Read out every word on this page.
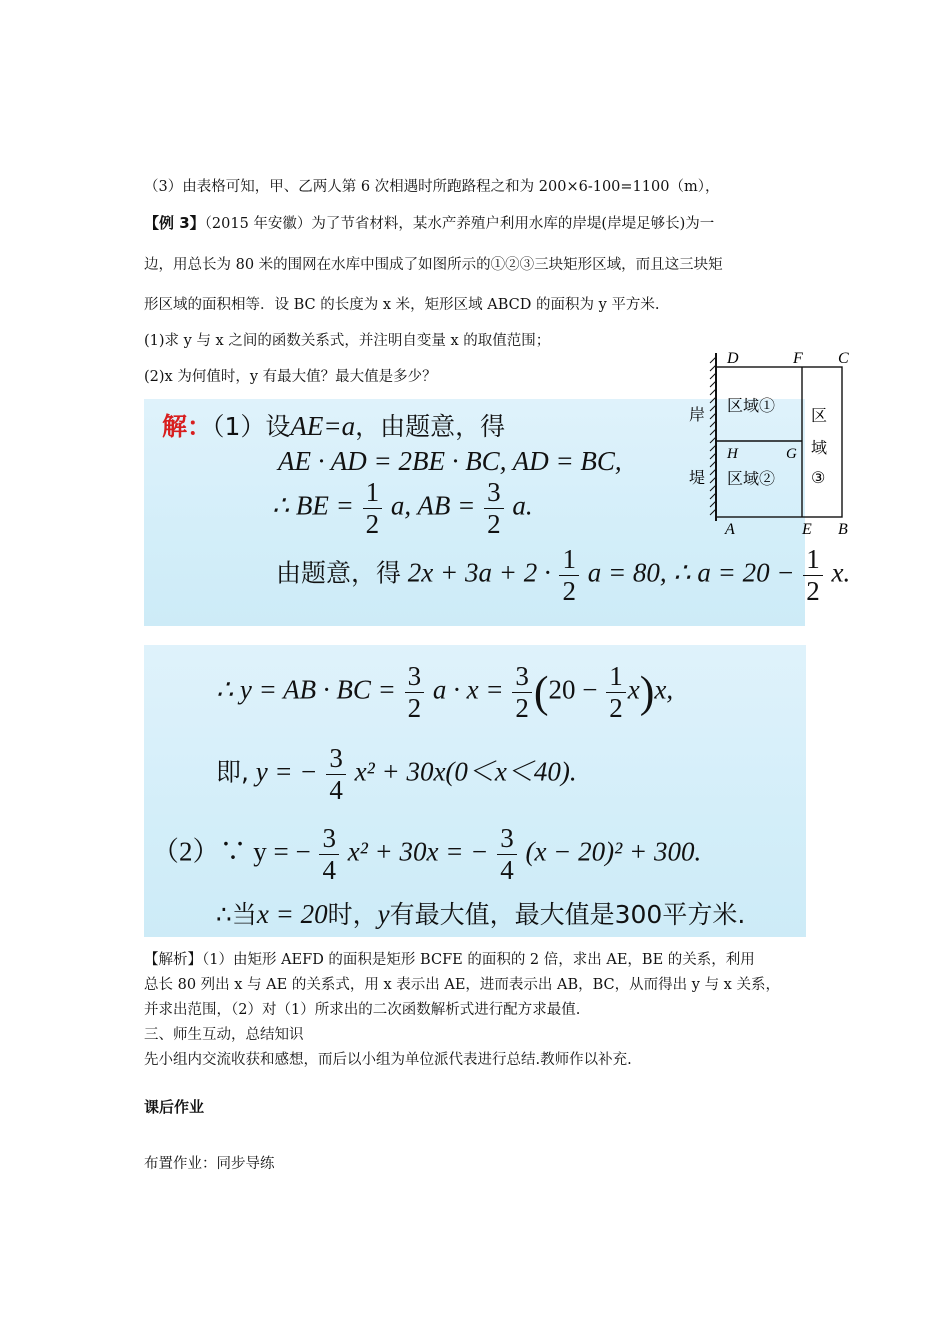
（3）由表格可知，甲、乙两人第 6 次相遇时所跑路程之和为 200×6-100=1100（m），
【例 3】（2015 年安徽）为了节省材料，某水产养殖户利用水库的岸堤(岸堤足够长)为一
边，用总长为 80 米的围网在水库中围成了如图所示的①②③三块矩形区域，而且这三块矩
形区域的面积相等．设 BC 的长度为 x 米，矩形区域 ABCD 的面积为 y 平方米.
(1)求 y 与 x 之间的函数关系式，并注明自变量 x 的取值范围；
(2)x 为何值时，y 有最大值？最大值是多少？
解：（1）设AE=a，由题意，得
AE · AD = 2BE · BC, AD = BC,
∴ BE = $\frac{1}{2} a$, AB = $\frac{3}{2} a$.
由题意，得 $2x + 3a + 2 \cdot \frac{1}{2}$ a = 80, ∴ $a = 20 - \frac{1}{2} x$.
D	F C
H	G
A	E B
岸
堤
区域①
区域②
区
域
③
∴ y = AB · BC = $\frac{3}{2}$ $a \cdot x = \frac{3}{2} (20 - \frac{1}{2} x)x$,
即, y = − $\frac{3}{4} x^2 + 30x(0<x<40)$.
（2）∵ y = − $\frac{3}{4} x^2 + 30x$ = − $\frac{3}{4} (x - 20)^2 + 300$.
∴当x = 20时，y有最大值，最大值是300平方米.
【解析】（1）由矩形 AEFD 的面积是矩形 BCFE 的面积的 2 倍，求出 AE，BE 的关系，利用
总长 80 列出 x 与 AE 的关系式，用 x 表示出 AE，进而表示出 AB，BC，从而得出 y 与 x 关系，
并求出范围，（2）对（1）所求出的二次函数解析式进行配方求最值.
三、师生互动，总结知识
先小组内交流收获和感想，而后以小组为单位派代表进行总结.教师作以补充.
课后作业
布置作业：同步导练
